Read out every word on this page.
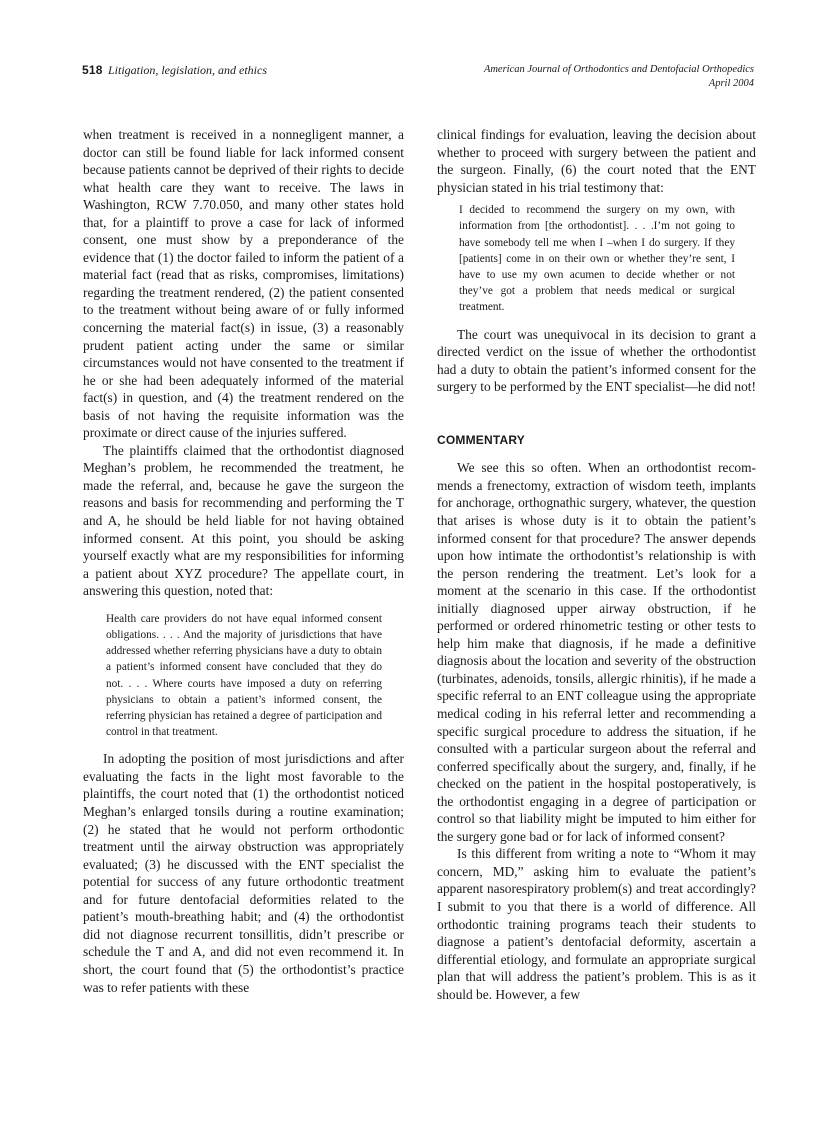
518 Litigation, legislation, and ethics	American Journal of Orthodontics and Dentofacial Orthopedics
April 2004

when treatment is received in a nonnegligent manner, a doctor can still be found liable for lack informed consent because patients cannot be deprived of their rights to decide what health care they want to receive. The laws in Washington, RCW 7.70.050, and many other states hold that, for a plaintiff to prove a case for lack of informed consent, one must show by a preponderance of the evidence that (1) the doctor failed to inform the patient of a material fact (read that as risks, compromises, limitations) regarding the treatment rendered, (2) the patient consented to the treatment without being aware of or fully informed concerning the material fact(s) in issue, (3) a reasonably prudent patient acting under the same or similar circumstances would not have consented to the treatment if he or she had been adequately informed of the material fact(s) in question, and (4) the treatment rendered on the basis of not having the requisite information was the proximate or direct cause of the injuries suffered.

The plaintiffs claimed that the orthodontist diagnosed Meghan’s problem, he recommended the treatment, he made the referral, and, because he gave the surgeon the reasons and basis for recommending and performing the T and A, he should be held liable for not having obtained informed consent. At this point, you should be asking yourself exactly what are my responsibilities for informing a patient about XYZ procedure? The appellate court, in answering this question, noted that:

Health care providers do not have equal informed consent obligations. . . . And the majority of jurisdictions that have addressed whether referring physicians have a duty to obtain a patient’s informed consent have concluded that they do not. . . . Where courts have imposed a duty on referring physicians to obtain a patient’s informed consent, the referring physician has retained a degree of participation and control in that treatment.

In adopting the position of most jurisdictions and after evaluating the facts in the light most favorable to the plaintiffs, the court noted that (1) the orthodontist noticed Meghan’s enlarged tonsils during a routine examination; (2) he stated that he would not perform orthodontic treatment until the airway obstruction was appropriately evaluated; (3) he discussed with the ENT specialist the potential for success of any future orthodontic treatment and for future dentofacial deformities related to the patient’s mouth-breathing habit; and (4) the orthodontist did not diagnose recurrent tonsillitis, didn’t prescribe or schedule the T and A, and did not even recommend it. In short, the court found that (5) the orthodontist’s practice was to refer patients with these

clinical findings for evaluation, leaving the decision about whether to proceed with surgery between the patient and the surgeon. Finally, (6) the court noted that the ENT physician stated in his trial testimony that:

I decided to recommend the surgery on my own, with information from [the orthodontist]. . . .I’m not going to have somebody tell me when I –when I do surgery. If they [patients] come in on their own or whether they’re sent, I have to use my own acumen to decide whether or not they’ve got a problem that needs medical or surgical treatment.

The court was unequivocal in its decision to grant a directed verdict on the issue of whether the orthodontist had a duty to obtain the patient’s informed consent for the surgery to be performed by the ENT specialist—he did not!

COMMENTARY

We see this so often. When an orthodontist recommends a frenectomy, extraction of wisdom teeth, implants for anchorage, orthognathic surgery, whatever, the question that arises is whose duty is it to obtain the patient’s informed consent for that procedure? The answer depends upon how intimate the orthodontist’s relationship is with the person rendering the treatment. Let’s look for a moment at the scenario in this case. If the orthodontist initially diagnosed upper airway obstruction, if he performed or ordered rhinometric testing or other tests to help him make that diagnosis, if he made a definitive diagnosis about the location and severity of the obstruction (turbinates, adenoids, tonsils, allergic rhinitis), if he made a specific referral to an ENT colleague using the appropriate medical coding in his referral letter and recommending a specific surgical procedure to address the situation, if he consulted with a particular surgeon about the referral and conferred specifically about the surgery, and, finally, if he checked on the patient in the hospital postoperatively, is the orthodontist engaging in a degree of participation or control so that liability might be imputed to him either for the surgery gone bad or for lack of informed consent?

Is this different from writing a note to “Whom it may concern, MD,” asking him to evaluate the patient’s apparent nasorespiratory problem(s) and treat accordingly? I submit to you that there is a world of difference. All orthodontic training programs teach their students to diagnose a patient’s dentofacial deformity, ascertain a differential etiology, and formulate an appropriate surgical plan that will address the patient’s problem. This is as it should be. However, a few
